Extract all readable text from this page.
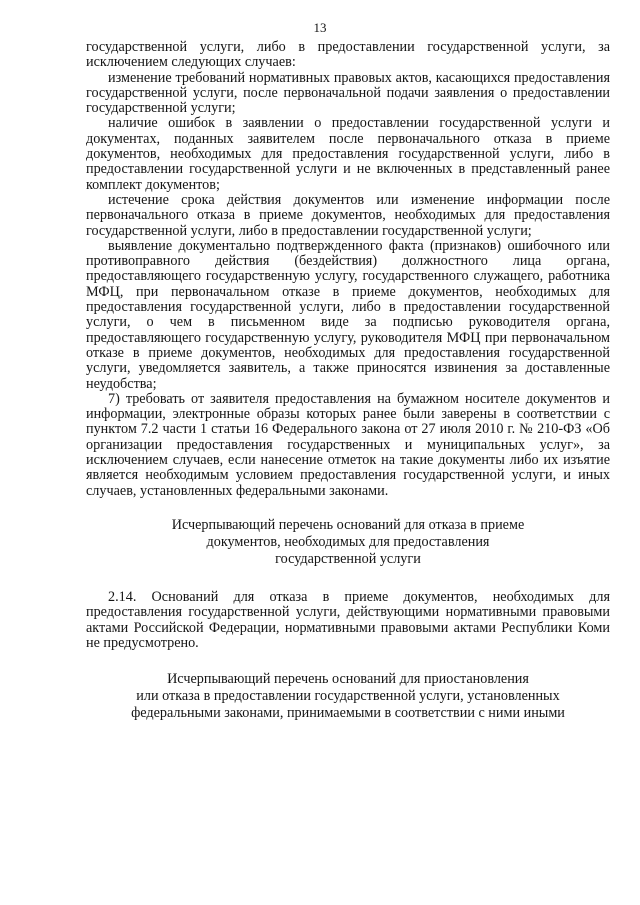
13

государственной услуги, либо в предоставлении государственной услуги, за исключением следующих случаев:

изменение требований нормативных правовых актов, касающихся предоставления государственной услуги, после первоначальной подачи заявления о предоставлении государственной услуги;

наличие ошибок в заявлении о предоставлении государственной услуги и документах, поданных заявителем после первоначального отказа в приеме документов, необходимых для предоставления государственной услуги, либо в предоставлении государственной услуги и не включенных в представленный ранее комплект документов;

истечение срока действия документов или изменение информации после первоначального отказа в приеме документов, необходимых для предоставления государственной услуги, либо в предоставлении государственной услуги;

выявление документально подтвержденного факта (признаков) ошибочного или противоправного действия (бездействия) должностного лица органа, предоставляющего государственную услугу, государственного служащего, работника МФЦ, при первоначальном отказе в приеме документов, необходимых для предоставления государственной услуги, либо в предоставлении государственной услуги, о чем в письменном виде за подписью руководителя органа, предоставляющего государственную услугу, руководителя МФЦ при первоначальном отказе в приеме документов, необходимых для предоставления государственной услуги, уведомляется заявитель, а также приносятся извинения за доставленные неудобства;

7) требовать от заявителя предоставления на бумажном носителе документов и информации, электронные образы которых ранее были заверены в соответствии с пунктом 7.2 части 1 статьи 16 Федерального закона от 27 июля 2010 г. № 210-ФЗ «Об организации предоставления государственных и муниципальных услуг», за исключением случаев, если нанесение отметок на такие документы либо их изъятие является необходимым условием предоставления государственной услуги, и иных случаев, установленных федеральными законами.

Исчерпывающий перечень оснований для отказа в приеме

документов, необходимых для предоставления

государственной услуги

2.14. Оснований для отказа в приеме документов, необходимых для предоставления государственной услуги, действующими нормативными правовыми актами Российской Федерации, нормативными правовыми актами Республики Коми не предусмотрено.

Исчерпывающий перечень оснований для приостановления

или отказа в предоставлении государственной услуги, установленных

федеральными законами, принимаемыми в соответствии с ними иными
